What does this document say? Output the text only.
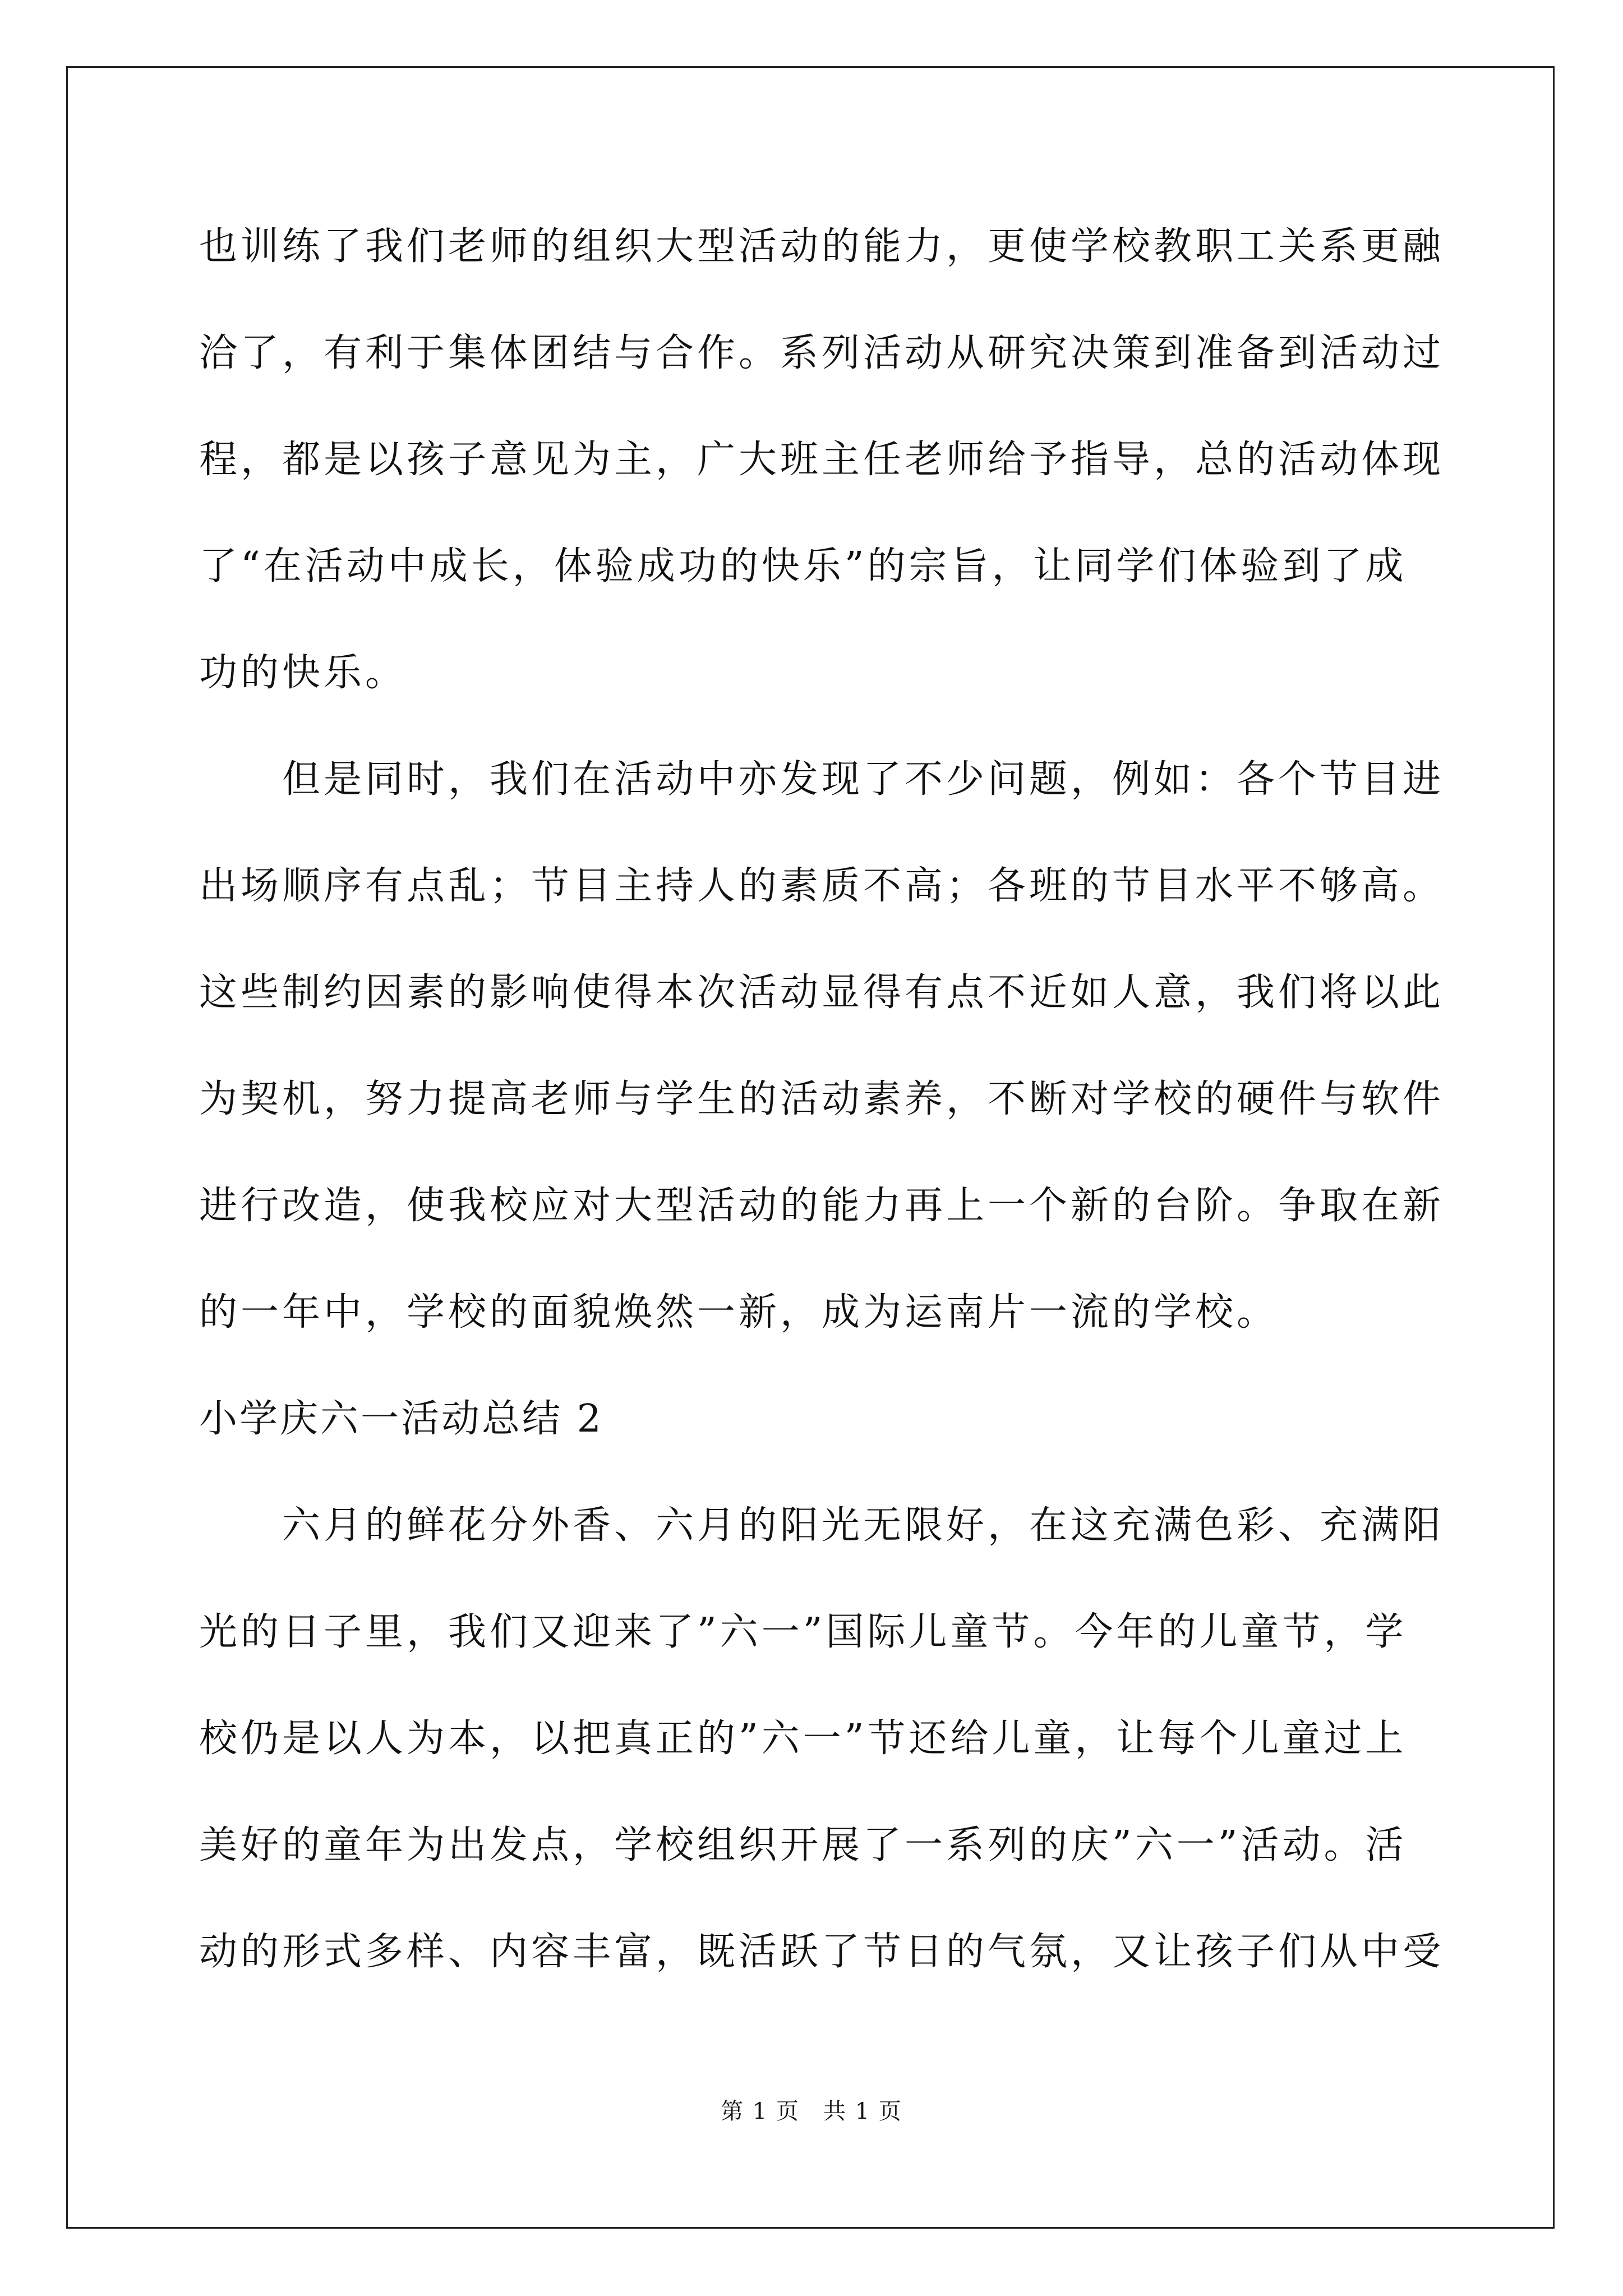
也训练了我们老师的组织大型活动的能力，更使学校教职工关系更融
洽了，有利于集体团结与合作。系列活动从研究决策到准备到活动过
程，都是以孩子意见为主，广大班主任老师给予指导，总的活动体现
了“在活动中成长，体验成功的快乐”的宗旨，让同学们体验到了成
功的快乐。
但是同时，我们在活动中亦发现了不少问题，例如：各个节目进
出场顺序有点乱；节目主持人的素质不高；各班的节目水平不够高。
这些制约因素的影响使得本次活动显得有点不近如人意，我们将以此
为契机，努力提高老师与学生的活动素养，不断对学校的硬件与软件
进行改造，使我校应对大型活动的能力再上一个新的台阶。争取在新
的一年中，学校的面貌焕然一新，成为运南片一流的学校。
小学庆六一活动总结 2
六月的鲜花分外香、六月的阳光无限好，在这充满色彩、充满阳
光的日子里，我们又迎来了”六一”国际儿童节。今年的儿童节，学
校仍是以人为本，以把真正的”六一”节还给儿童，让每个儿童过上
美好的童年为出发点，学校组织开展了一系列的庆”六一”活动。活
动的形式多样、内容丰富，既活跃了节日的气氛，又让孩子们从中受
第 1 页　共 1 页
